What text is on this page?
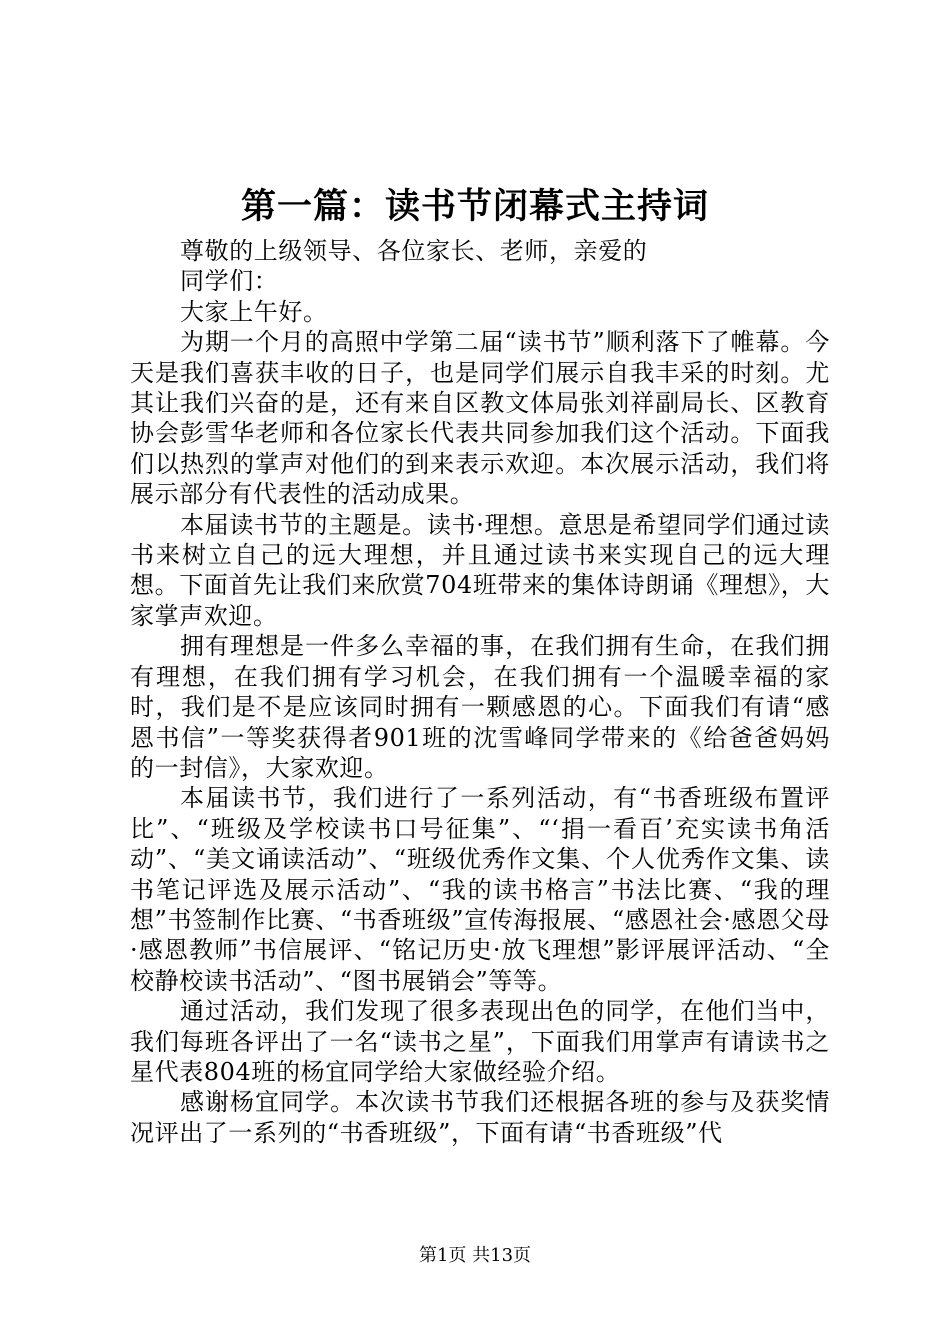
第一篇：读书节闭幕式主持词

尊敬的上级领导、各位家长、老师，亲爱的

同学们：

大家上午好。

为期一个月的高照中学第二届“读书节”顺利落下了帷幕。今天是我们喜获丰收的日子，也是同学们展示自我丰采的时刻。尤其让我们兴奋的是，还有来自区教文体局张刘祥副局长、区教育协会彭雪华老师和各位家长代表共同参加我们这个活动。下面我们以热烈的掌声对他们的到来表示欢迎。本次展示活动，我们将展示部分有代表性的活动成果。

本届读书节的主题是。读书·理想。意思是希望同学们通过读书来树立自己的远大理想，并且通过读书来实现自己的远大理想。下面首先让我们来欣赏704班带来的集体诗朗诵《理想》，大家掌声欢迎。

拥有理想是一件多么幸福的事，在我们拥有生命，在我们拥有理想，在我们拥有学习机会，在我们拥有一个温暖幸福的家时，我们是不是应该同时拥有一颗感恩的心。下面我们有请“感恩书信”一等奖获得者901班的沈雪峰同学带来的《给爸爸妈妈的一封信》，大家欢迎。

本届读书节，我们进行了一系列活动，有“书香班级布置评比”、“班级及学校读书口号征集”、“‘捐一看百’充实读书角活动”、“美文诵读活动”、“班级优秀作文集、个人优秀作文集、读书笔记评选及展示活动”、“我的读书格言”书法比赛、“我的理想”书签制作比赛、“书香班级”宣传海报展、“感恩社会·感恩父母·感恩教师”书信展评、“铭记历史·放飞理想”影评展评活动、“全校静校读书活动”、“图书展销会”等等。

通过活动，我们发现了很多表现出色的同学，在他们当中，我们每班各评出了一名“读书之星”，下面我们用掌声有请读书之星代表804班的杨宜同学给大家做经验介绍。

感谢杨宜同学。本次读书节我们还根据各班的参与及获奖情况评出了一系列的“书香班级”，下面有请“书香班级”代

第1页 共13页
